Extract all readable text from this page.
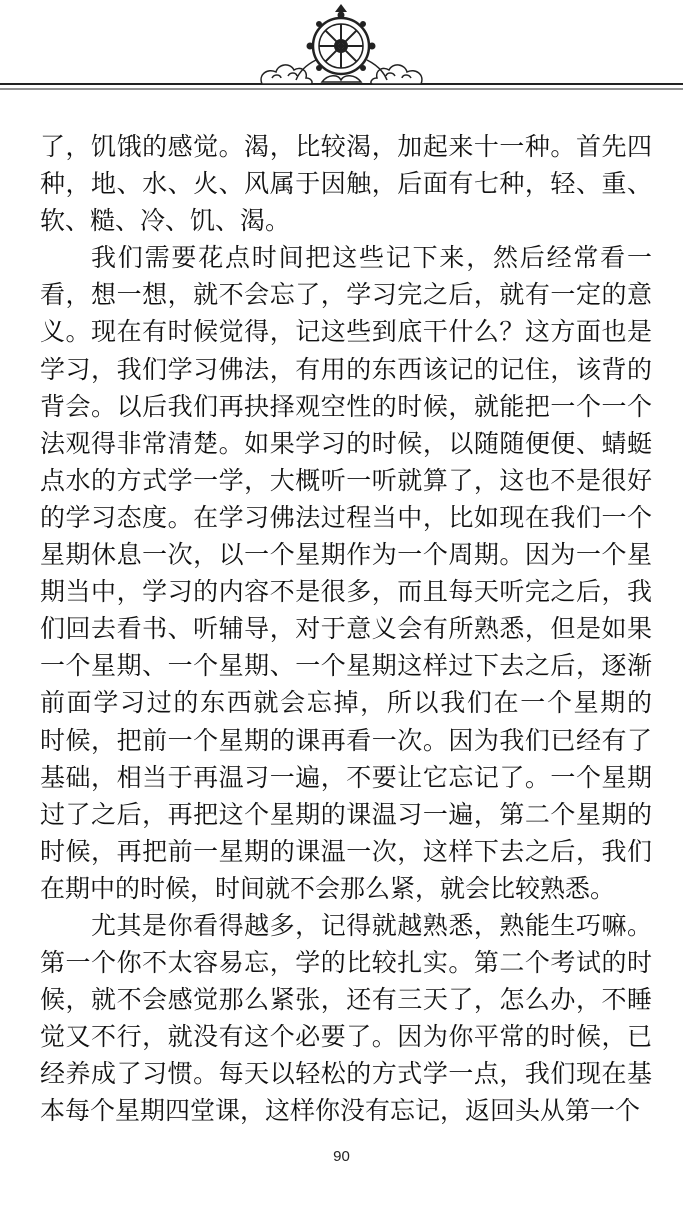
了，饥饿的感觉。渴，比较渴，加起来十一种。首先四
种，地、水、火、风属于因触，后面有七种，轻、重、
软、糙、冷、饥、渴。
我们需要花点时间把这些记下来，然后经常看一
看，想一想，就不会忘了，学习完之后，就有一定的意
义。现在有时候觉得，记这些到底干什么？这方面也是
学习，我们学习佛法，有用的东西该记的记住，该背的
背会。以后我们再抉择观空性的时候，就能把一个一个
法观得非常清楚。如果学习的时候，以随随便便、蜻蜓
点水的方式学一学，大概听一听就算了，这也不是很好
的学习态度。在学习佛法过程当中，比如现在我们一个
星期休息一次，以一个星期作为一个周期。因为一个星
期当中，学习的内容不是很多，而且每天听完之后，我
们回去看书、听辅导，对于意义会有所熟悉，但是如果
一个星期、一个星期、一个星期这样过下去之后，逐渐
前面学习过的东西就会忘掉，所以我们在一个星期的
时候，把前一个星期的课再看一次。因为我们已经有了
基础，相当于再温习一遍，不要让它忘记了。一个星期
过了之后，再把这个星期的课温习一遍，第二个星期的
时候，再把前一星期的课温一次，这样下去之后，我们
在期中的时候，时间就不会那么紧，就会比较熟悉。
尤其是你看得越多，记得就越熟悉，熟能生巧嘛。
第一个你不太容易忘，学的比较扎实。第二个考试的时
候，就不会感觉那么紧张，还有三天了，怎么办，不睡
觉又不行，就没有这个必要了。因为你平常的时候，已
经养成了习惯。每天以轻松的方式学一点，我们现在基
本每个星期四堂课，这样你没有忘记，返回头从第一个
90
